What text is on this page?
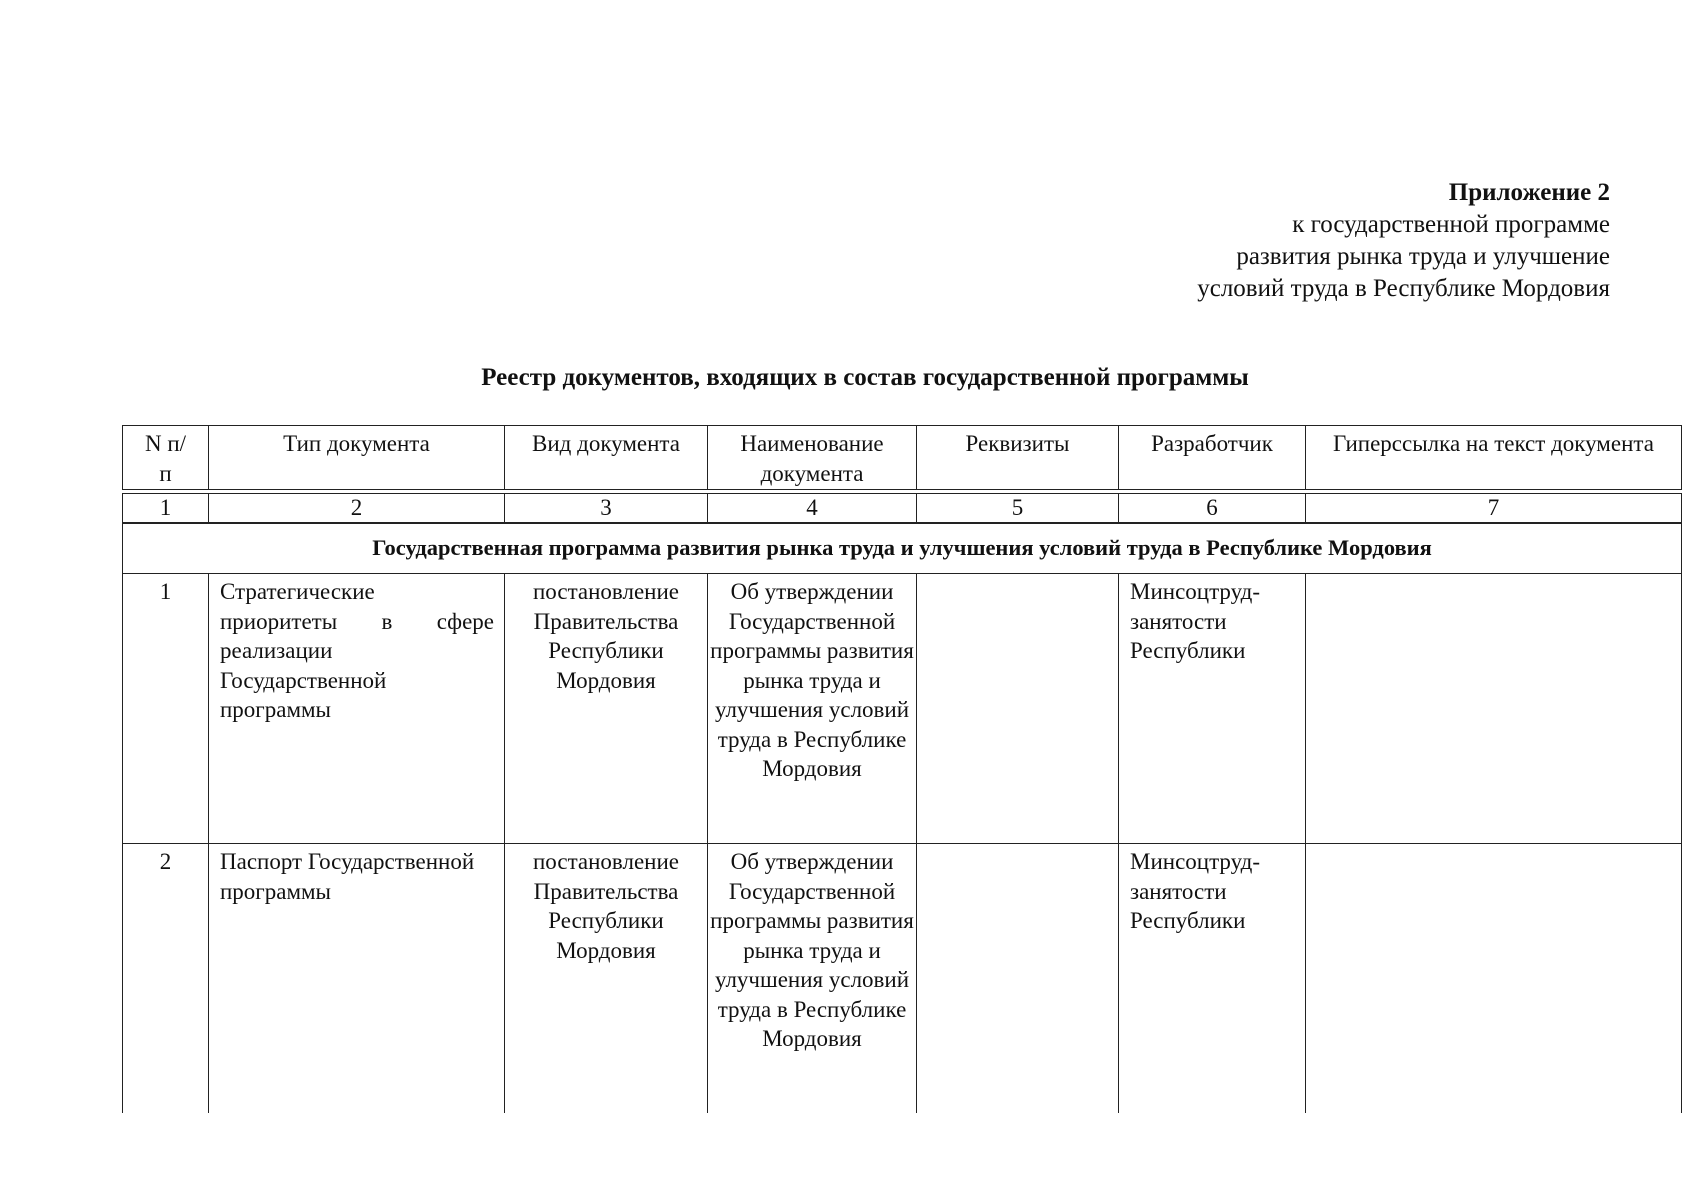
Приложение 2
к государственной программе
развития рынка труда и улучшение
условий труда в Республике Мордовия
Реестр документов, входящих в состав государственной программы
N п/п	Тип документа	Вид документа	Наименование документа	Реквизиты	Разработчик	Гиперссылка на текст документа
1	2	3	4	5	6	7
Государственная программа развития рынка труда и улучшения условий труда в Республике Мордовия						
1	Стратегические приоритеты в сфере реализации Государственной программы	постановление Правительства Республики Мордовия	Об утверждении Государственной программы развития рынка труда и улучшения условий труда в Республике Мордовия		Минсоцтруд-занятости Республики	
2	Паспорт Государственной программы	постановление Правительства Республики Мордовия	Об утверждении Государственной программы развития рынка труда и улучшения условий труда в Республике Мордовия		Минсоцтруд-занятости Республики	
